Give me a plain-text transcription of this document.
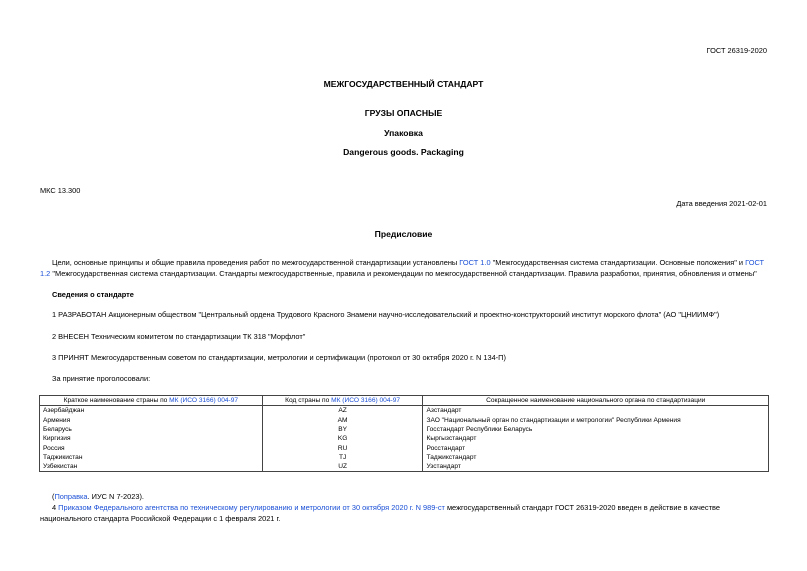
ГОСТ 26319-2020
МЕЖГОСУДАРСТВЕННЫЙ СТАНДАРТ
ГРУЗЫ ОПАСНЫЕ
Упаковка
Dangerous goods. Packaging
МКС 13.300
Дата введения 2021-02-01
Предисловие
Цели, основные принципы и общие правила проведения работ по межгосударственной стандартизации установлены ГОСТ 1.0 "Межгосударственная система стандартизации. Основные положения" и ГОСТ 1.2 "Межгосударственная система стандартизации. Стандарты межгосударственные, правила и рекомендации по межгосударственной стандартизации. Правила разработки, принятия, обновления и отмены"
Сведения о стандарте
1 РАЗРАБОТАН Акционерным обществом "Центральный ордена Трудового Красного Знамени научно-исследовательский и проектно-конструкторский институт морского флота" (АО "ЦНИИМФ")
2 ВНЕСЕН Техническим комитетом по стандартизации ТК 318 "Морфлот"
3 ПРИНЯТ Межгосударственным советом по стандартизации, метрологии и сертификации (протокол от 30 октября 2020 г. N 134-П)
За принятие проголосовали:
Краткое наименование страны по МК (ИСО 3166) 004-97	Код страны по МК (ИСО 3166) 004-97	Сокращенное наименование национального органа по стандартизации
Азербайджан	AZ	Азстандарт
Армения	AM	ЗАО "Национальный орган по стандартизации и метрологии" Республики Армения
Беларусь	BY	Госстандарт Республики Беларусь
Киргизия	KG	Кыргызстандарт
Россия	RU	Росстандарт
Таджикистан	TJ	Таджикстандарт
Узбекистан	UZ	Узстандарт
(Поправка. ИУС N 7-2023).
4 Приказом Федерального агентства по техническому регулированию и метрологии от 30 октября 2020 г. N 989-ст межгосударственный стандарт ГОСТ 26319-2020 введен в действие в качестве национального стандарта Российской Федерации с 1 февраля 2021 г.
